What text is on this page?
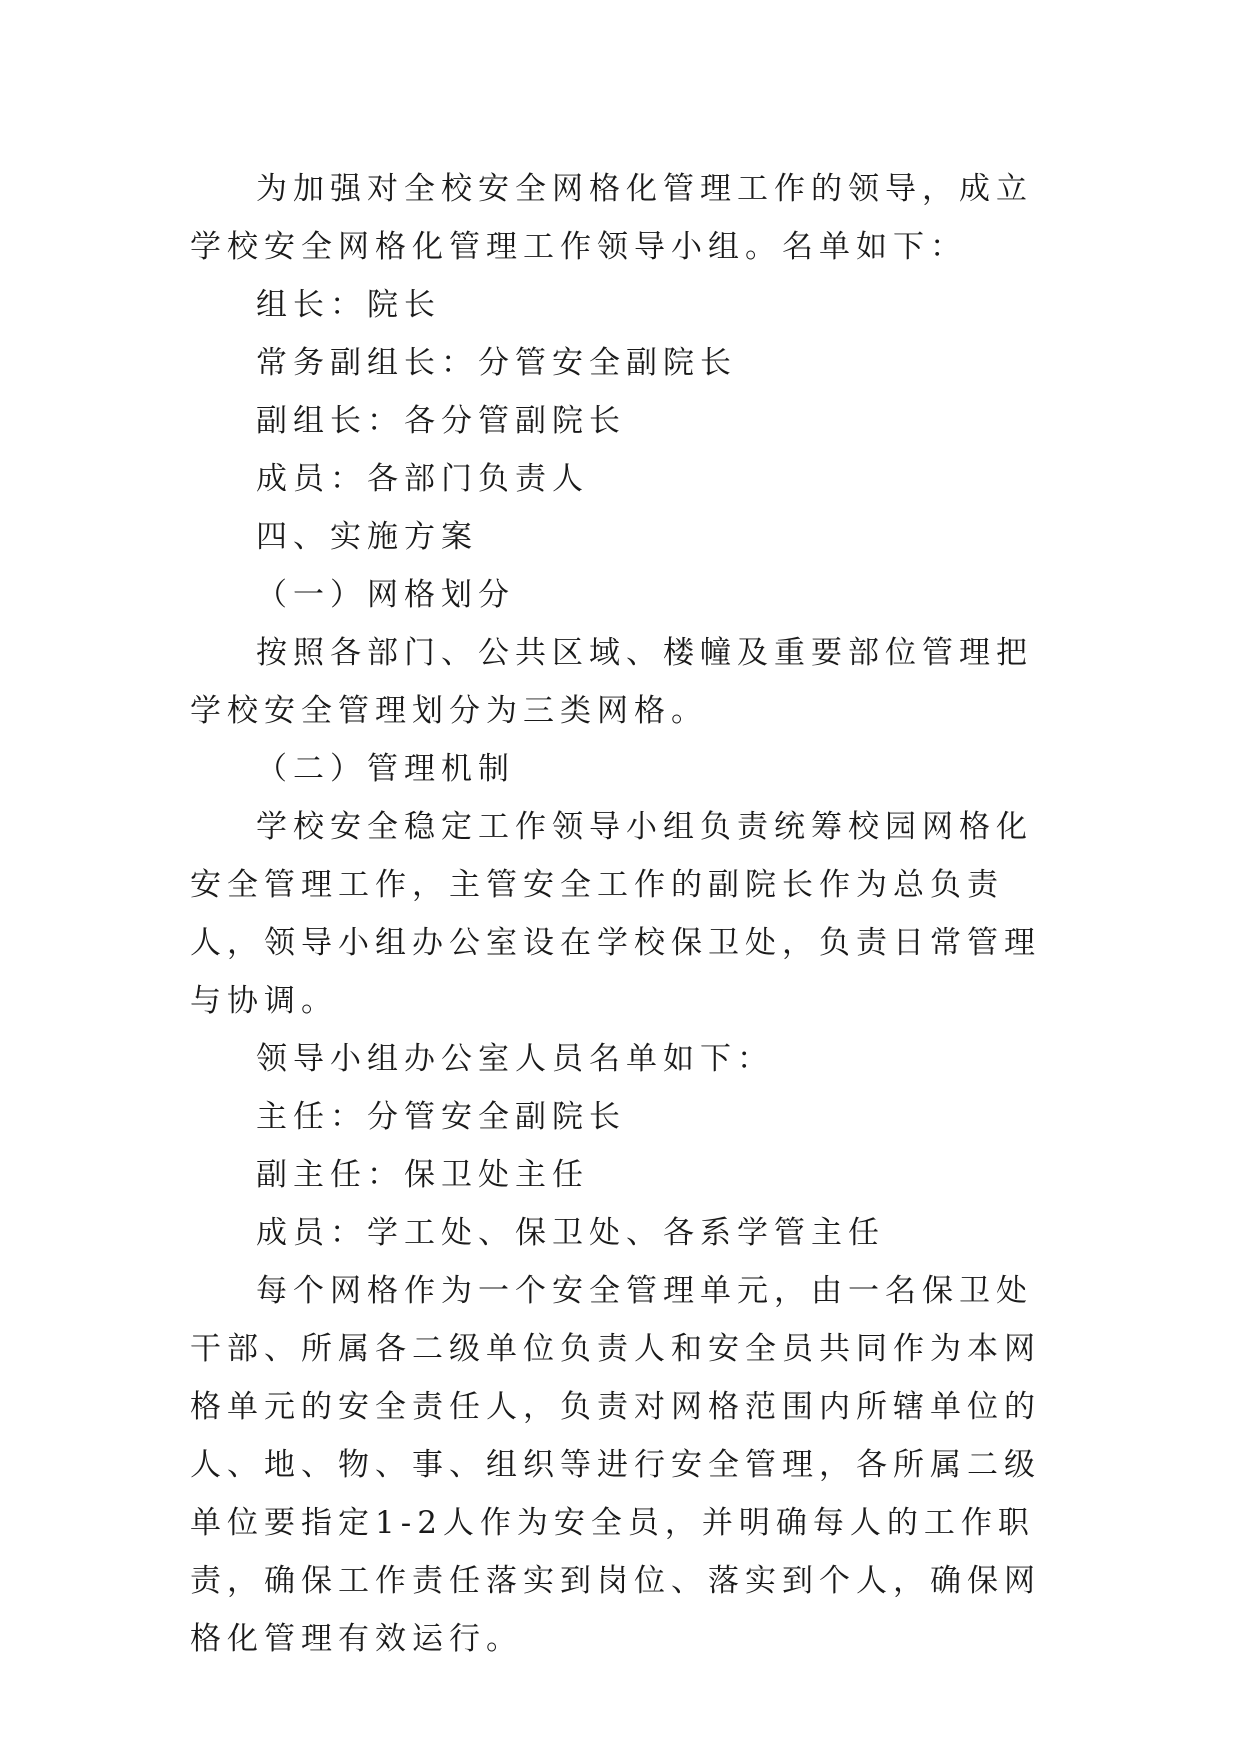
为加强对全校安全网格化管理工作的领导，成立学校安全网格化管理工作领导小组。名单如下：

组长：院长

常务副组长：分管安全副院长

副组长：各分管副院长

成员：各部门负责人

四、实施方案

（一）网格划分

按照各部门、公共区域、楼幢及重要部位管理把学校安全管理划分为三类网格。

（二）管理机制

学校安全稳定工作领导小组负责统筹校园网格化安全管理工作，主管安全工作的副院长作为总负责人，领导小组办公室设在学校保卫处，负责日常管理与协调。

领导小组办公室人员名单如下：

主任：分管安全副院长

副主任：保卫处主任

成员：学工处、保卫处、各系学管主任

每个网格作为一个安全管理单元，由一名保卫处干部、所属各二级单位负责人和安全员共同作为本网格单元的安全责任人，负责对网格范围内所辖单位的人、地、物、事、组织等进行安全管理，各所属二级单位要指定1-2人作为安全员，并明确每人的工作职责，确保工作责任落实到岗位、落实到个人，确保网格化管理有效运行。
